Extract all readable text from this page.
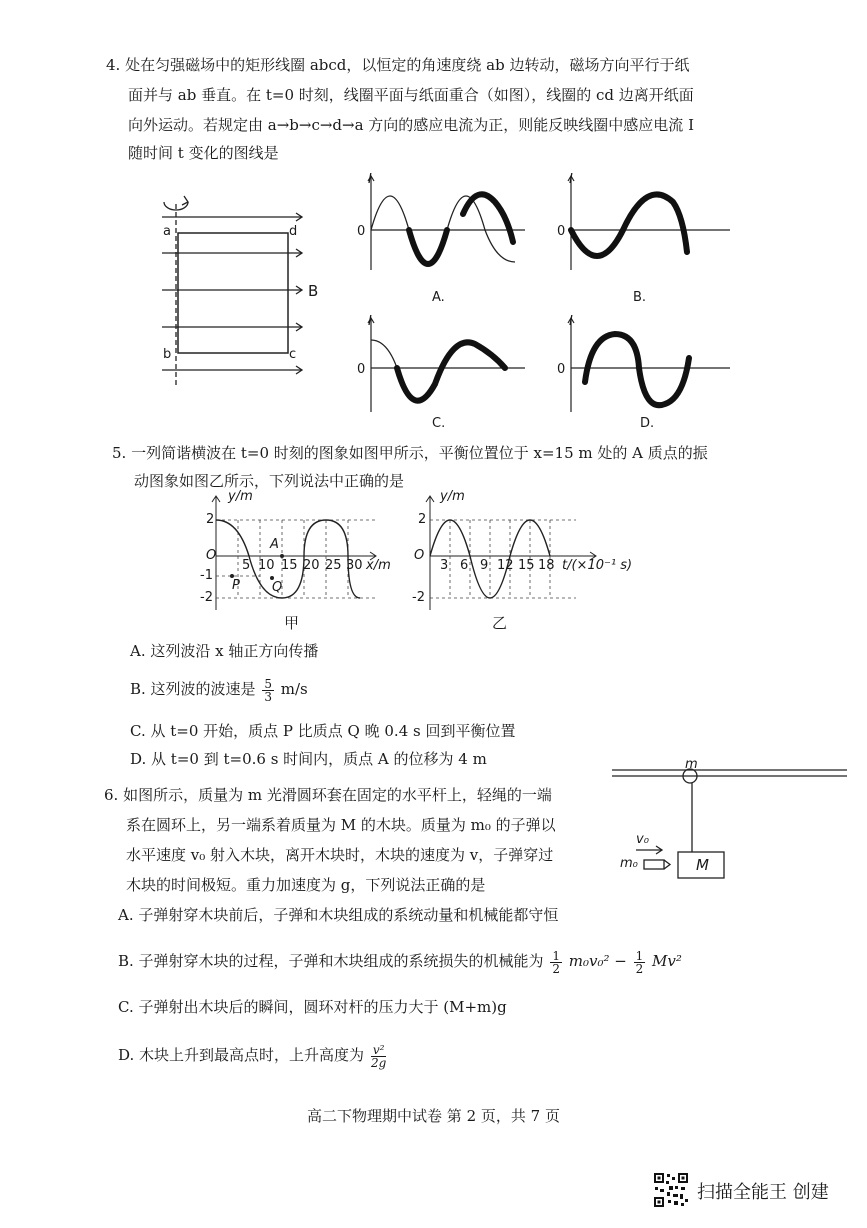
4. 处在匀强磁场中的矩形线圈 abcd，以恒定的角速度绕 ab 边转动，磁场方向平行于纸
面并与 ab 垂直。在 t=0 时刻，线圈平面与纸面重合（如图），线圈的 cd 边离开纸面
向外运动。若规定由 a→b→c→d→a 方向的感应电流为正，则能反映线圈中感应电流 I
随时间 t 变化的图线是
a	d
b	c
B
I
0
A.
I
0
B.
I
0
C.
I
0
D.
5. 一列简谐横波在 t=0 时刻的图象如图甲所示，平衡位置位于 x=15 m 处的 A 质点的振
动图象如图乙所示，下列说法中正确的是
y/m
O
2
-1
-2
5 10 15 20 25 30 x/m
A
P Q
甲
y/m
O
2
-2
3 6 9 12 15 18 t/(×10⁻¹ s)
乙
A. 这列波沿 x 轴正方向传播
B. 这列波的波速是 $\frac{5}{3} m/s$
C. 从 t=0 开始，质点 P 比质点 Q 晚 0.4 s 回到平衡位置
D. 从 t=0 到 t=0.6 s 时间内，质点 A 的位移为 4 m
6. 如图所示，质量为 m 光滑圆环套在固定的水平杆上，轻绳的一端
系在圆环上，另一端系着质量为 M 的木块。质量为 m₀ 的子弹以
水平速度 v₀ 射入木块，离开木块时，木块的速度为 v，子弹穿过
木块的时间极短。重力加速度为 g，下列说法正确的是
m
v₀
m₀	M
A. 子弹射穿木块前后，子弹和木块组成的系统动量和机械能都守恒
B. 子弹射穿木块的过程，子弹和木块组成的系统损失的机械能为 $\frac{1}{2} m_0v_0^2 - \frac{1}{2} Mv^2$
C. 子弹射出木块后的瞬间，圆环对杆的压力大于 (M+m)g
D. 木块上升到最高点时，上升高度为 $\frac{\text{v²}}{2g}$
高二下物理期中试卷 第 2 页，共 7 页
扫描全能王 创建
